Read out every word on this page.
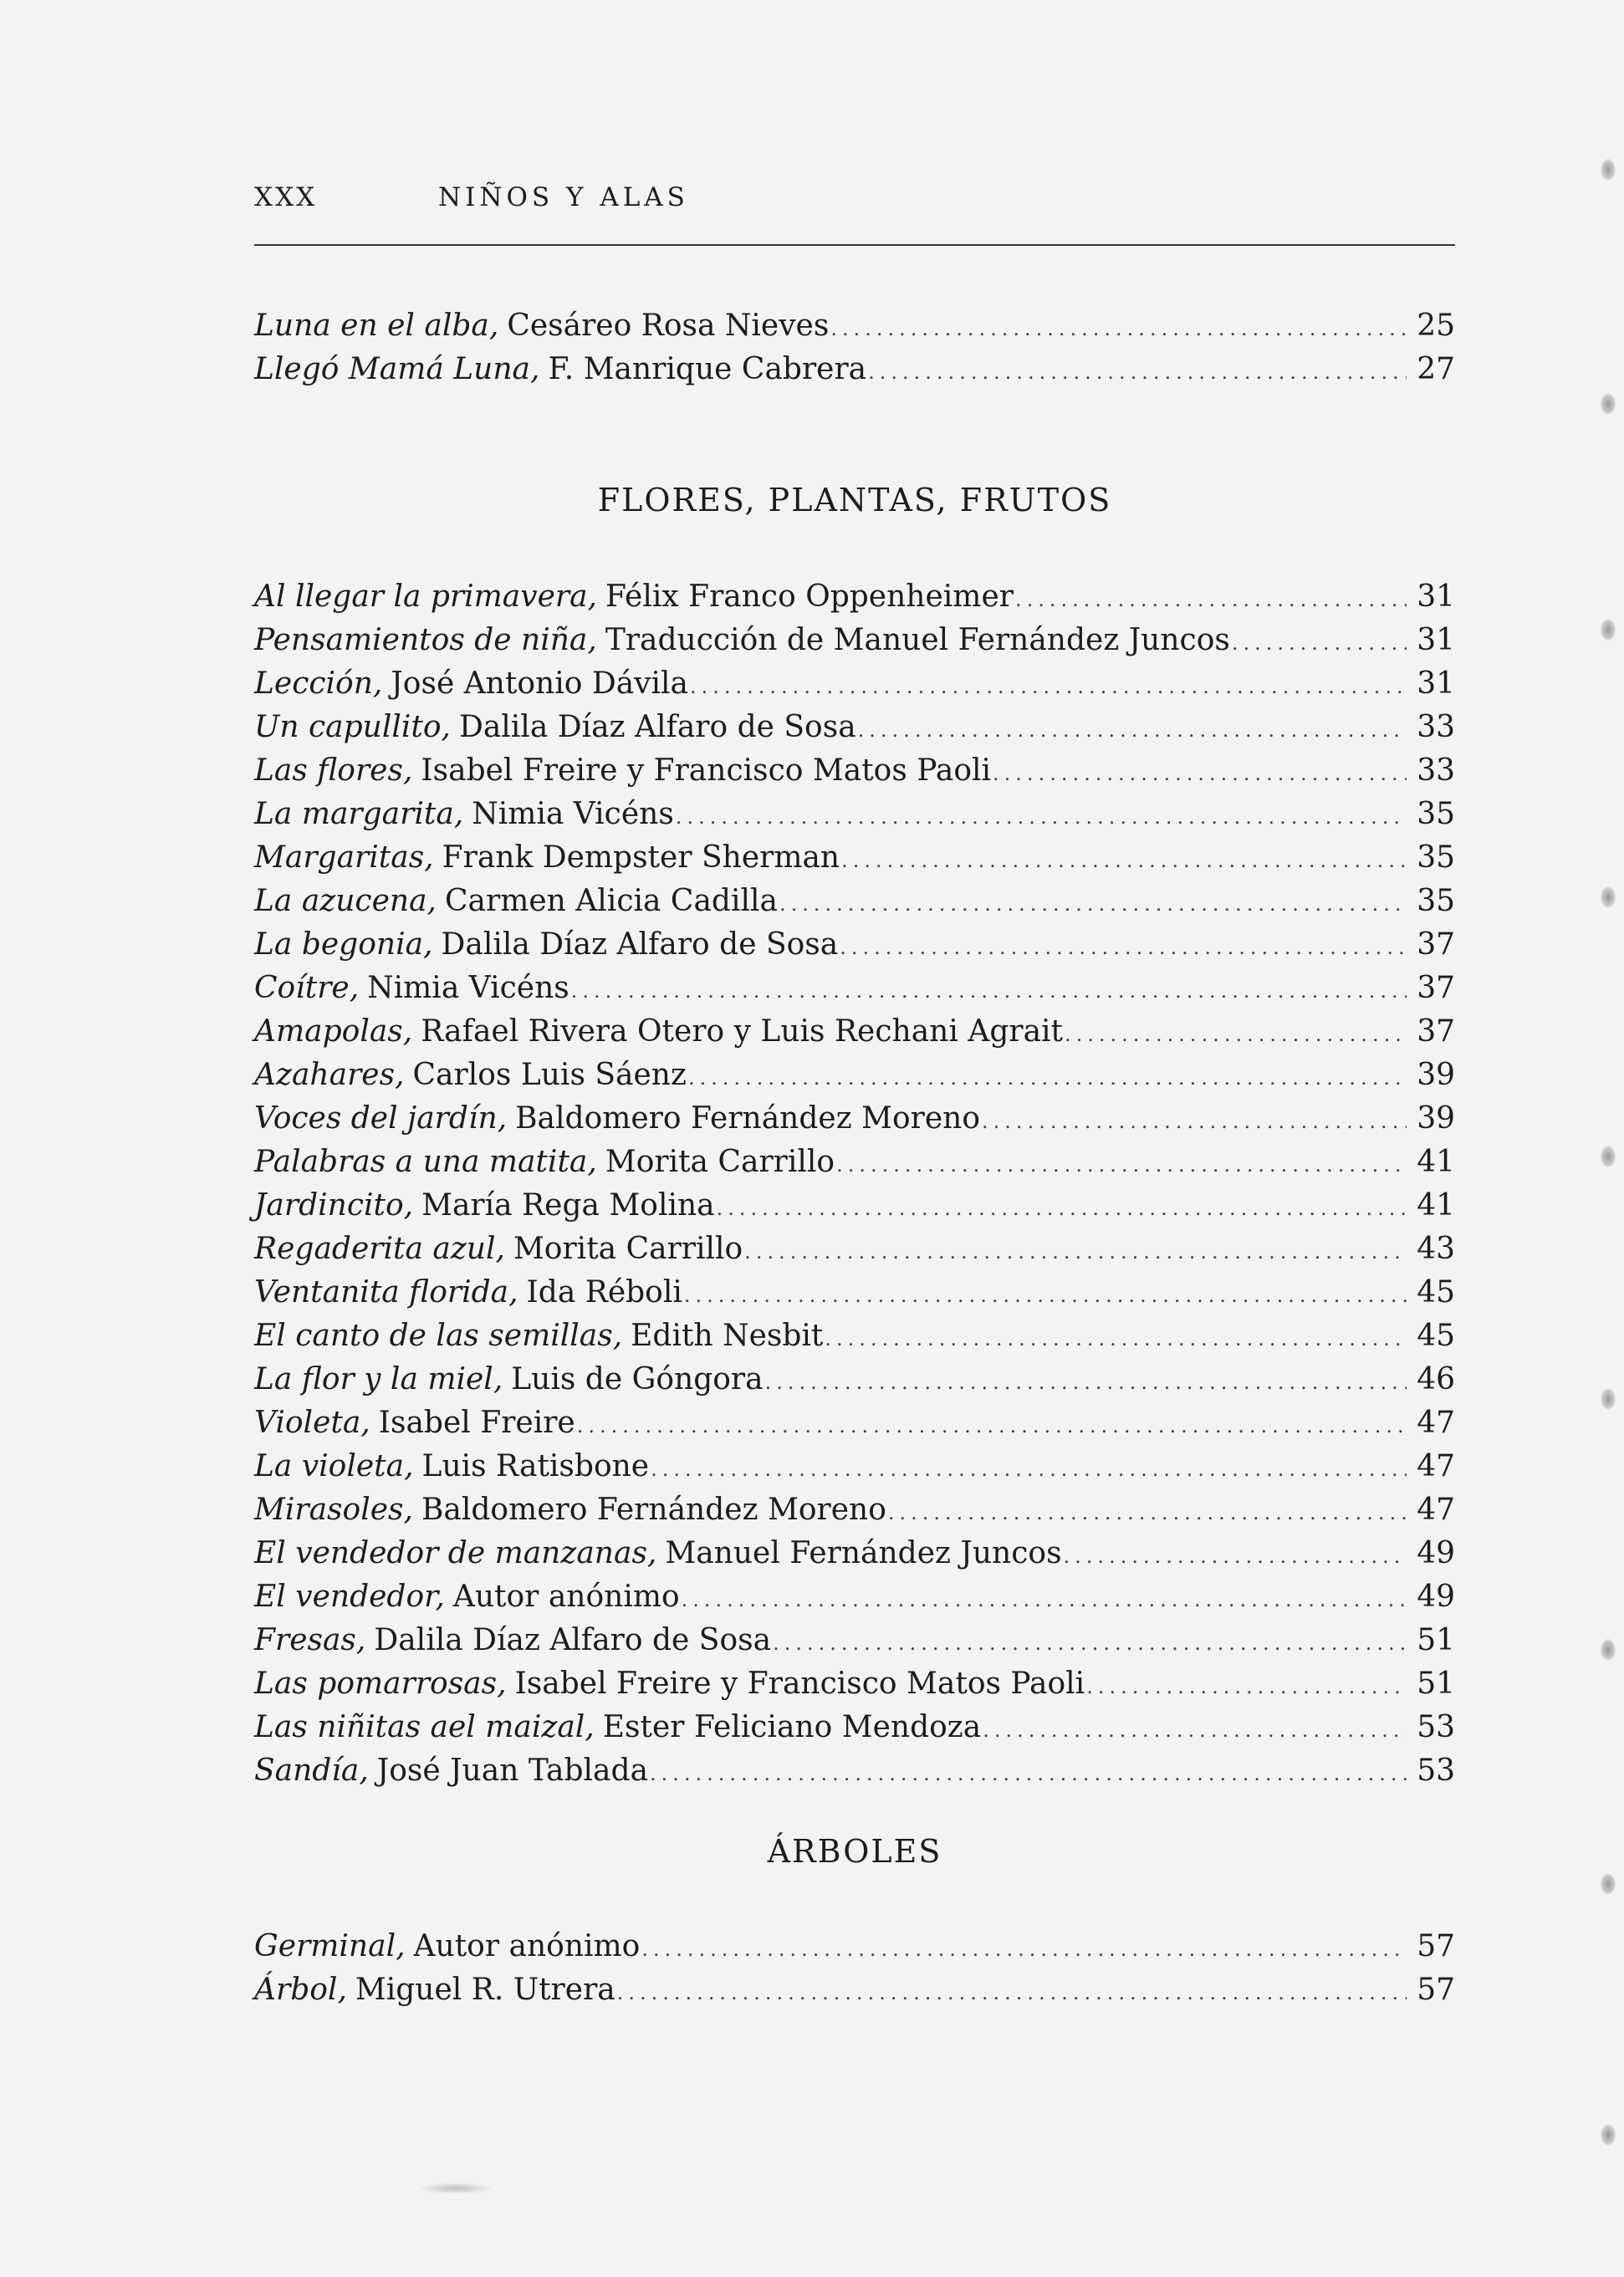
XXX	NIÑOS Y ALAS
Luna en el alba, Cesáreo Rosa Nieves .....	25
Llegó Mamá Luna, F. Manrique Cabrera .....	27
FLORES, PLANTAS, FRUTOS
Al llegar la primavera, Félix Franco Oppenheimer .....	31
Pensamientos de niña, Traducción de Manuel Fernández Juncos .....	31
Lección, José Antonio Dávila .....	31
Un capullito, Dalila Díaz Alfaro de Sosa .....	33
Las flores, Isabel Freire y Francisco Matos Paoli .....	33
La margarita, Nimia Vicéns .....	35
Margaritas, Frank Dempster Sherman .....	35
La azucena, Carmen Alicia Cadilla .....	35
La begonia, Dalila Díaz Alfaro de Sosa .....	37
Coítre, Nimia Vicéns .....	37
Amapolas, Rafael Rivera Otero y Luis Rechani Agrait .....	37
Azahares, Carlos Luis Sáenz .....	39
Voces del jardín, Baldomero Fernández Moreno .....	39
Palabras a una matita, Morita Carrillo .....	41
Jardincito, María Rega Molina .....	41
Regaderita azul, Morita Carrillo .....	43
Ventanita florida, Ida Réboli .....	45
El canto de las semillas, Edith Nesbit .....	45
La flor y la miel, Luis de Góngora .....	46
Violeta, Isabel Freire .....	47
La violeta, Luis Ratisbone .....	47
Mirasoles, Baldomero Fernández Moreno .....	47
El vendedor de manzanas, Manuel Fernández Juncos .....	49
El vendedor, Autor anónimo .....	49
Fresas, Dalila Díaz Alfaro de Sosa .....	51
Las pomarrosas, Isabel Freire y Francisco Matos Paoli .....	51
Las niñitas ael maizal, Ester Feliciano Mendoza .....	53
Sandía, José Juan Tablada .....	53
ÁRBOLES
Germinal, Autor anónimo .....	57
Árbol, Miguel R. Utrera .....	57
